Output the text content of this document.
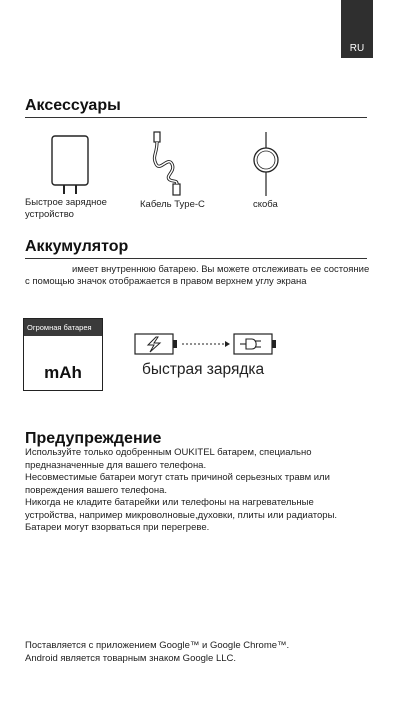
RU
Аксессуары
Быстрое зарядное
устройство
Кабель Type-C	скоба
Аккумулятор
имеет внутреннюю батарею. Вы можете отслеживать ее состояние
с помощью значок отображается в правом верхнем углу экрана
Огромная батарея
mAh	быстрая зарядка
Предупреждение

Используйте только одобренным OUKITEL батарем, специально

предназначенные для вашего телефона.

Несовместимые батареи могут стать причиной серьезных травм или

повреждения вашего телефона.

Никогда не кладите батарейки или телефоны на нагревательные

устройства, например микроволновые,духовки, плиты или радиаторы.

Батареи могут взорваться при перегреве.

Поставляется с приложением Google™ и Google Chrome™.

Android является товарным знаком Google LLC.
